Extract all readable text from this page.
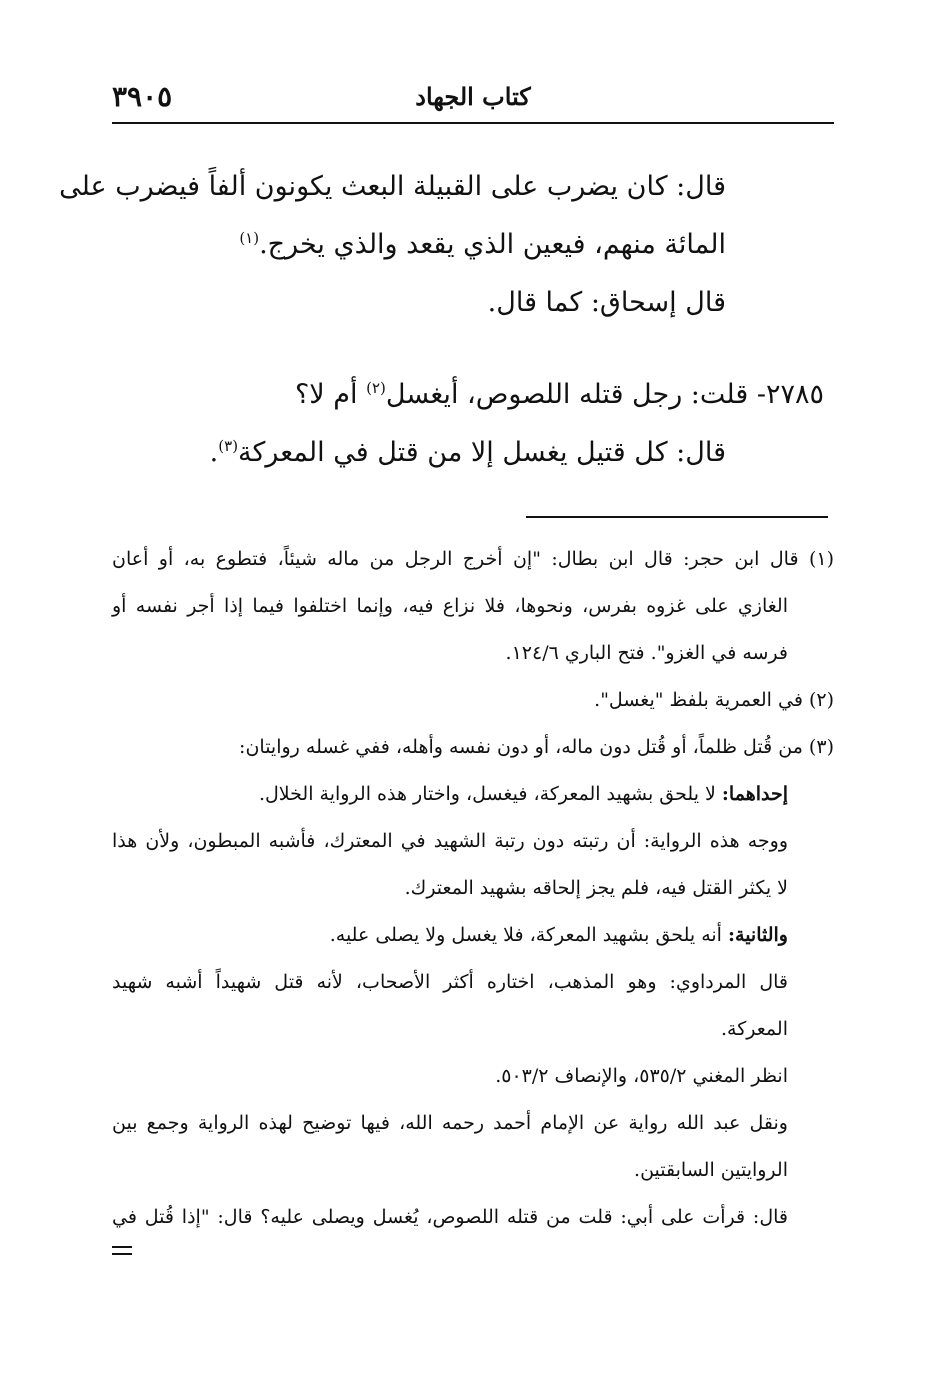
كتاب الجهاد
٣٩٠٥
قال: كان يضرب على القبيلة البعث يكونون ألفاً فيضرب على
المائة منهم، فيعين الذي يقعد والذي يخرج.$^{(١)}$
قال إسحاق: كما قال.
٢٧٨٥- قلت: رجل قتله اللصوص، أيغسل$^{(٢)}$ أم لا؟
قال: كل قتيل يغسل إلا من قتل في المعركة$^{(٣)}$.
(١) قال ابن حجر: قال ابن بطال: "إن أخرج الرجل من ماله شيئاً، فتطوع به، أو أعان
الغازي على غزوه بفرس، ونحوها، فلا نزاع فيه، وإنما اختلفوا فيما إذا أجر نفسه أو
فرسه في الغزو". فتح الباري ١٢٤/٦.
(٢) في العمرية بلفظ "يغسل".
(٣) من قُتل ظلماً، أو قُتل دون ماله، أو دون نفسه وأهله، ففي غسله روايتان:
إحداهما: لا يلحق بشهيد المعركة، فيغسل، واختار هذه الرواية الخلال.
ووجه هذه الرواية: أن رتبته دون رتبة الشهيد في المعترك، فأشبه المبطون، ولأن هذا
لا يكثر القتل فيه، فلم يجز إلحاقه بشهيد المعترك.
والثانية: أنه يلحق بشهيد المعركة، فلا يغسل ولا يصلى عليه.
قال المرداوي: وهو المذهب، اختاره أكثر الأصحاب، لأنه قتل شهيداً أشبه شهيد
المعركة.
انظر المغني ٥٣٥/٢، والإنصاف ٥٠٣/٢.
ونقل عبد الله رواية عن الإمام أحمد رحمه الله، فيها توضيح لهذه الرواية وجمع بين
الروايتين السابقتين.
قال: قرأت على أبي: قلت من قتله اللصوص، يُغسل ويصلى عليه؟ قال: "إذا قُتل في
